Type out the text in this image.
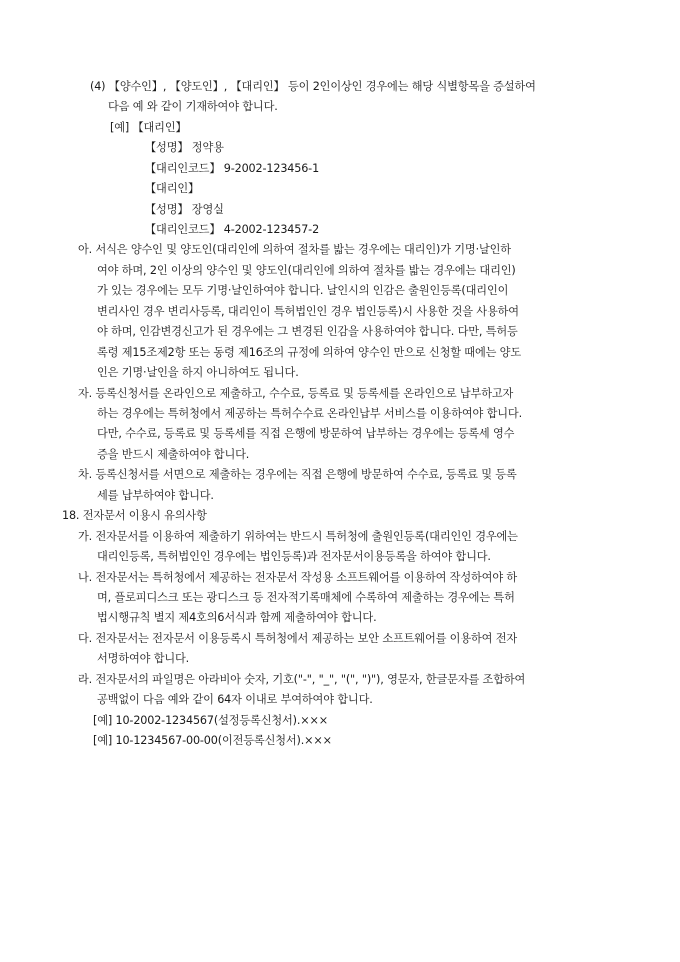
(4) 【양수인】, 【양도인】, 【대리인】 등이 2인이상인 경우에는 해당 식별항목을 증설하여
다음 예 와 같이 기재하여야 합니다.
[예] 【대리인】
【성명】 정약용
【대리인코드】 9-2002-123456-1
【대리인】
【성명】 장영실
【대리인코드】 4-2002-123457-2
아. 서식은 양수인 및 양도인(대리인에 의하여 절차를 밟는 경우에는 대리인)가 기명·날인하
여야 하며, 2인 이상의 양수인 및 양도인(대리인에 의하여 절차를 밟는 경우에는 대리인)
가 있는 경우에는 모두 기명·날인하여야 합니다. 날인시의 인감은 출원인등록(대리인이
변리사인 경우 변리사등록, 대리인이 특허법인인 경우 법인등록)시 사용한 것을 사용하여
야 하며, 인감변경신고가 된 경우에는 그 변경된 인감을 사용하여야 합니다. 다만, 특허등
록령 제15조제2항 또는 동령 제16조의 규정에 의하여 양수인 만으로 신청할 때에는 양도
인은 기명·날인을 하지 아니하여도 됩니다.
자. 등록신청서를 온라인으로 제출하고, 수수료, 등록료 및 등록세를 온라인으로 납부하고자
하는 경우에는 특허청에서 제공하는 특허수수료 온라인납부 서비스를 이용하여야 합니다.
다만, 수수료, 등록료 및 등록세를 직접 은행에 방문하여 납부하는 경우에는 등록세 영수
증을 반드시 제출하여야 합니다.
차. 등록신청서를 서면으로 제출하는 경우에는 직접 은행에 방문하여 수수료, 등록료 및 등록
세를 납부하여야 합니다.
18. 전자문서 이용시 유의사항
가. 전자문서를 이용하여 제출하기 위하여는 반드시 특허청에 출원인등록(대리인인 경우에는
대리인등록, 특허법인인 경우에는 법인등록)과 전자문서이용등록을 하여야 합니다.
나. 전자문서는 특허청에서 제공하는 전자문서 작성용 소프트웨어를 이용하여 작성하여야 하
며, 플로피디스크 또는 광디스크 등 전자적기록매체에 수록하여 제출하는 경우에는 특허
법시행규칙 별지 제4호의6서식과 함께 제출하여야 합니다.
다. 전자문서는 전자문서 이용등록시 특허청에서 제공하는 보안 소프트웨어를 이용하여 전자
서명하여야 합니다.
라. 전자문서의 파일명은 아라비아 숫자, 기호("-", "_", "(", ")"), 영문자, 한글문자를 조합하여
공백없이 다음 예와 같이 64자 이내로 부여하여야 합니다.
[예] 10-2002-1234567(설정등록신청서).×××
[예] 10-1234567-00-00(이전등록신청서).×××
